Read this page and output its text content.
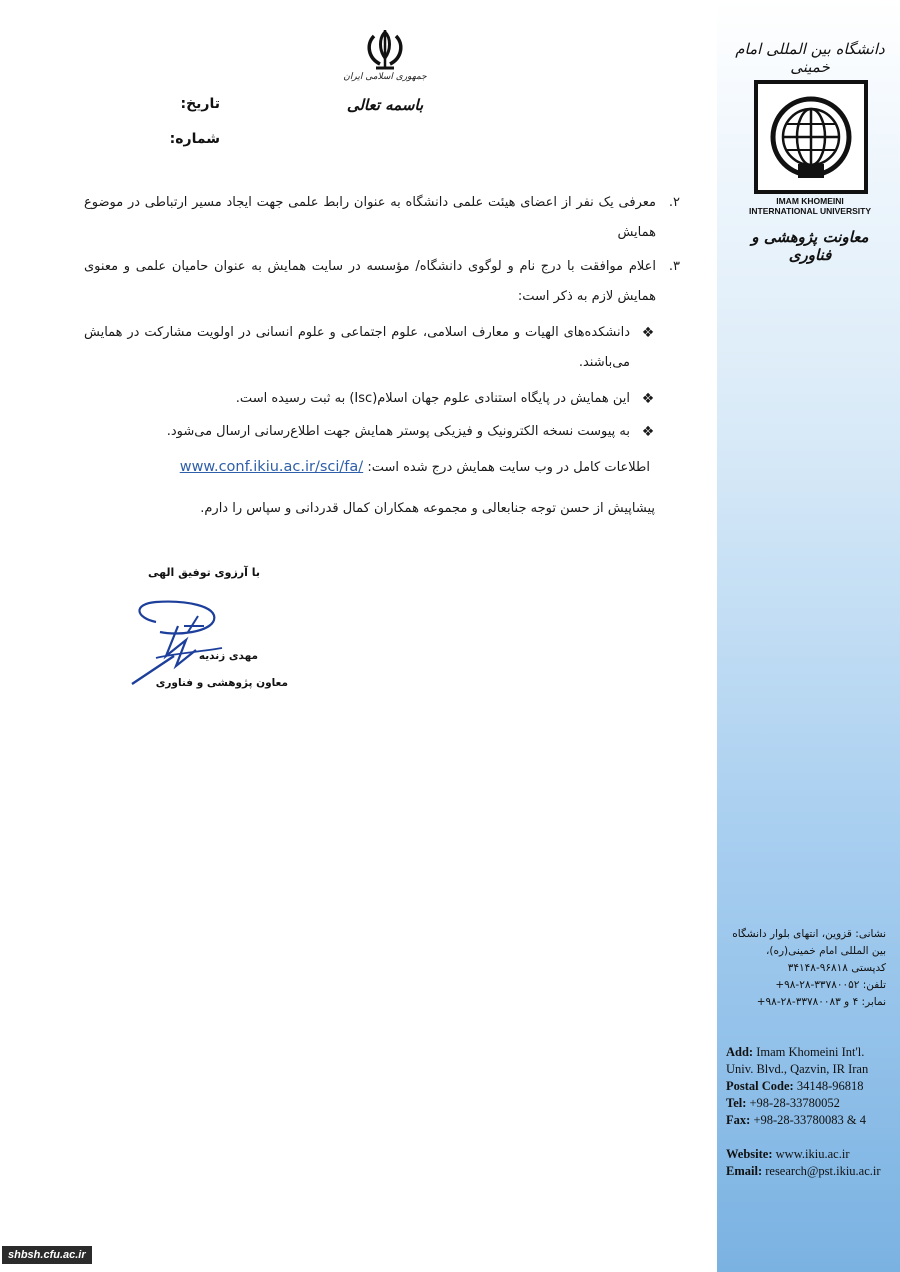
دانشگاه بین المللی امام خمینی
IMAM KHOMEINI
INTERNATIONAL UNIVERSITY
معاونت پژوهشی و فناوری
جمهوری اسلامی ایران
باسمه تعالی
تاریخ:
شماره:
۲.
معرفی یک نفر از اعضای هیئت علمی دانشگاه به عنوان رابط علمی جهت ایجاد مسیر ارتباطی در موضوع همایش
۳.
اعلام موافقت با درج نام و لوگوی دانشگاه/ مؤسسه در سایت همایش به عنوان حامیان علمی و معنوی همایش لازم به ذکر است:
❖
دانشکده‌های الهیات و معارف اسلامی، علوم اجتماعی و علوم انسانی در اولویت مشارکت در همایش می‌باشند.
❖
این همایش در پایگاه استنادی علوم جهان اسلام(Isc) به ثبت رسیده است.
❖
به پیوست نسخه الکترونیک و فیزیکی پوستر همایش جهت اطلاع‌رسانی ارسال می‌شود.
اطلاعات کامل در وب سایت همایش درج شده است: www.conf.ikiu.ac.ir/sci/fa/
پیشاپیش از حسن توجه جنابعالی و مجموعه همکاران کمال قدردانی و سپاس را دارم.
با آرزوی توفیق الهی
مهدی زندیه
معاون پژوهشی و فناوری
نشانی: قزوین، انتهای بلوار دانشگاه
بین المللی امام خمینی(ره)،
کدپستی ۹۶۸۱۸-۳۴۱۴۸
تلفن: ۳۳۷۸۰۰۵۲-۲۸-۹۸+
نمابر: ۴ و ۳۳۷۸۰۰۸۳-۲۸-۹۸+
Add: Imam Khomeini Int'l.
Univ. Blvd., Qazvin, IR Iran
Postal Code: 34148-96818
Tel: +98-28-33780052
Fax: +98-28-33780083 & 4
Website: www.ikiu.ac.ir
Email: research@pst.ikiu.ac.ir
shbsh.cfu.ac.ir
